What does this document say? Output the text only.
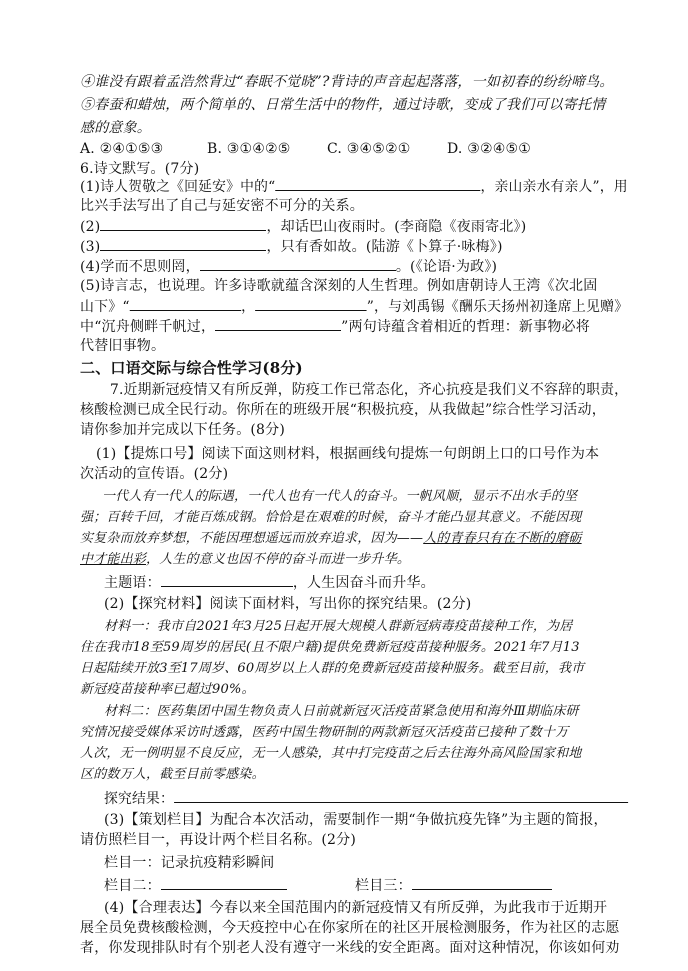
④谁没有跟着孟浩然背过“春眠不觉晓”?背诗的声音起起落落，一如初春的纷纷啼鸟。
⑤春蚕和蜡烛，两个简单的、日常生活中的物件，通过诗歌，变成了我们可以寄托情
感的意象。
A. ②④①⑤③	B. ③①④②⑤	C. ③④⑤②①	D. ③②④⑤①
6.诗文默写。(7分)
(1)诗人贺敬之《回延安》中的“	，亲山亲水有亲人”，用
比兴手法写出了自己与延安密不可分的关系。
(2)	，却话巴山夜雨时。(李商隐《夜雨寄北》)
(3)	，只有香如故。(陆游《卜算子·咏梅》)
(4)学而不思则罔，	。(《论语·为政》)
(5)诗言志，也说理。许多诗歌就蕴含深刻的人生哲理。例如唐朝诗人王湾《次北固
山下》“	，	”，与刘禹锡《酬乐天扬州初逢席上见赠》
中“沉舟侧畔千帆过，	”两句诗蕴含着相近的哲理：新事物必将
代替旧事物。
二、口语交际与综合性学习(8分)
7.近期新冠疫情又有所反弹，防疫工作已常态化，齐心抗疫是我们义不容辞的职责，
核酸检测已成全民行动。你所在的班级开展“积极抗疫，从我做起”综合性学习活动，
请你参加并完成以下任务。(8分)
(1)【提炼口号】阅读下面这则材料，根据画线句提炼一句朗朗上口的口号作为本
次活动的宣传语。(2分)
一代人有一代人的际遇，一代人也有一代人的奋斗。一帆风顺，显示不出水手的坚
强；百转千回，才能百炼成钢。恰恰是在艰难的时候，奋斗才能凸显其意义。不能因现
实复杂而放弃梦想，不能因理想遥远而放弃追求，因为——人的青春只有在不断的磨砺
中才能出彩，人生的意义也因不停的奋斗而进一步升华。
主题语：	，人生因奋斗而升华。
(2)【探究材料】阅读下面材料，写出你的探究结果。(2分)
材料一：我市自2021年3月25日起开展大规模人群新冠病毒疫苗接种工作，为居
住在我市18至59周岁的居民(且不限户籍)提供免费新冠疫苗接种服务。2021年7月13
日起陆续开放3至17周岁、60周岁以上人群的免费新冠疫苗接种服务。截至目前，我市
新冠疫苗接种率已超过90%。
材料二：医药集团中国生物负责人日前就新冠灭活疫苗紧急使用和海外Ⅲ期临床研
究情况接受媒体采访时透露，医药中国生物研制的两款新冠灭活疫苗已接种了数十万
人次，无一例明显不良反应，无一人感染，其中打完疫苗之后去往海外高风险国家和地
区的数万人，截至目前零感染。
探究结果：
(3)【策划栏目】为配合本次活动，需要制作一期“争做抗疫先锋”为主题的简报，
请仿照栏目一，再设计两个栏目名称。(2分)
栏目一：记录抗疫精彩瞬间
栏目二：	栏目三：
(4)【合理表达】今春以来全国范围内的新冠疫情又有所反弹，为此我市于近期开
展全员免费核酸检测，今天疫控中心在你家所在的社区开展检测服务，作为社区的志愿
者，你发现排队时有个别老人没有遵守一米线的安全距离。面对这种情况，你该如何劝
